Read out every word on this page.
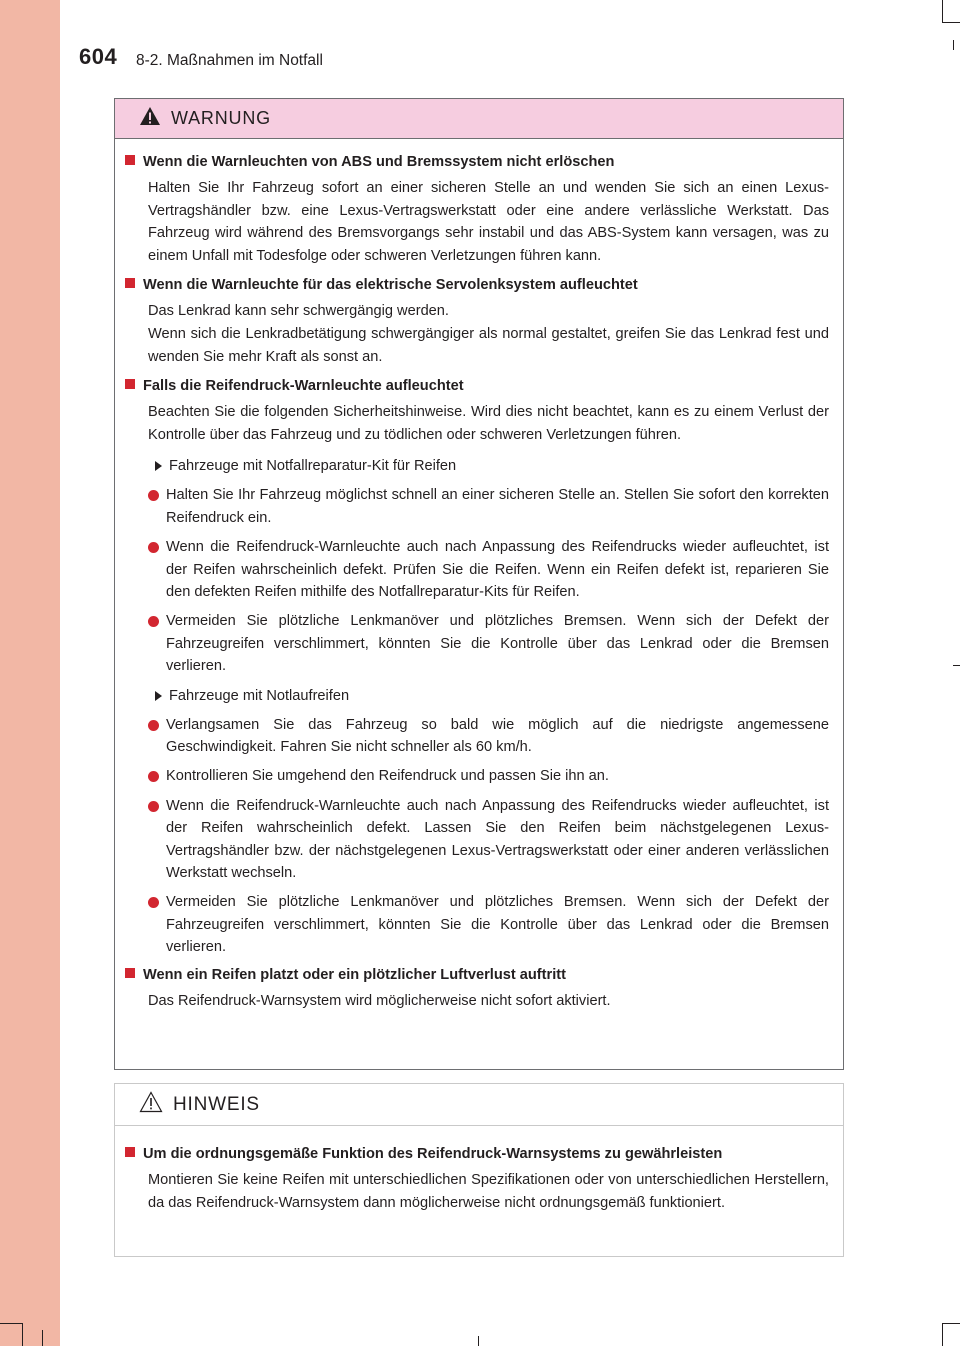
604 8-2. Maßnahmen im Notfall
WARNUNG
Wenn die Warnleuchten von ABS und Bremssystem nicht erlöschen
Halten Sie Ihr Fahrzeug sofort an einer sicheren Stelle an und wenden Sie sich an einen Lexus-Vertragshändler bzw. eine Lexus-Vertragswerkstatt oder eine andere verlässliche Werkstatt. Das Fahrzeug wird während des Bremsvorgangs sehr instabil und das ABS-System kann versagen, was zu einem Unfall mit Todesfolge oder schweren Verletzungen führen kann.
Wenn die Warnleuchte für das elektrische Servolenksystem aufleuchtet
Das Lenkrad kann sehr schwergängig werden.
Wenn sich die Lenkradbetätigung schwergängiger als normal gestaltet, greifen Sie das Lenkrad fest und wenden Sie mehr Kraft als sonst an.
Falls die Reifendruck-Warnleuchte aufleuchtet
Beachten Sie die folgenden Sicherheitshinweise. Wird dies nicht beachtet, kann es zu einem Verlust der Kontrolle über das Fahrzeug und zu tödlichen oder schweren Verletzungen führen.
Fahrzeuge mit Notfallreparatur-Kit für Reifen
Halten Sie Ihr Fahrzeug möglichst schnell an einer sicheren Stelle an. Stellen Sie sofort den korrekten Reifendruck ein.
Wenn die Reifendruck-Warnleuchte auch nach Anpassung des Reifendrucks wieder aufleuchtet, ist der Reifen wahrscheinlich defekt. Prüfen Sie die Reifen. Wenn ein Reifen defekt ist, reparieren Sie den defekten Reifen mithilfe des Notfallreparatur-Kits für Reifen.
Vermeiden Sie plötzliche Lenkmanöver und plötzliches Bremsen. Wenn sich der Defekt der Fahrzeugreifen verschlimmert, könnten Sie die Kontrolle über das Lenkrad oder die Bremsen verlieren.
Fahrzeuge mit Notlaufreifen
Verlangsamen Sie das Fahrzeug so bald wie möglich auf die niedrigste angemessene Geschwindigkeit. Fahren Sie nicht schneller als 60 km/h.
Kontrollieren Sie umgehend den Reifendruck und passen Sie ihn an.
Wenn die Reifendruck-Warnleuchte auch nach Anpassung des Reifendrucks wieder aufleuchtet, ist der Reifen wahrscheinlich defekt. Lassen Sie den Reifen beim nächstgelegenen Lexus-Vertragshändler bzw. der nächstgelegenen Lexus-Vertragswerkstatt oder einer anderen verlässlichen Werkstatt wechseln.
Vermeiden Sie plötzliche Lenkmanöver und plötzliches Bremsen. Wenn sich der Defekt der Fahrzeugreifen verschlimmert, könnten Sie die Kontrolle über das Lenkrad oder die Bremsen verlieren.
Wenn ein Reifen platzt oder ein plötzlicher Luftverlust auftritt
Das Reifendruck-Warnsystem wird möglicherweise nicht sofort aktiviert.
HINWEIS
Um die ordnungsgemäße Funktion des Reifendruck-Warnsystems zu gewährleisten
Montieren Sie keine Reifen mit unterschiedlichen Spezifikationen oder von unterschiedlichen Herstellern, da das Reifendruck-Warnsystem dann möglicherweise nicht ordnungsgemäß funktioniert.
